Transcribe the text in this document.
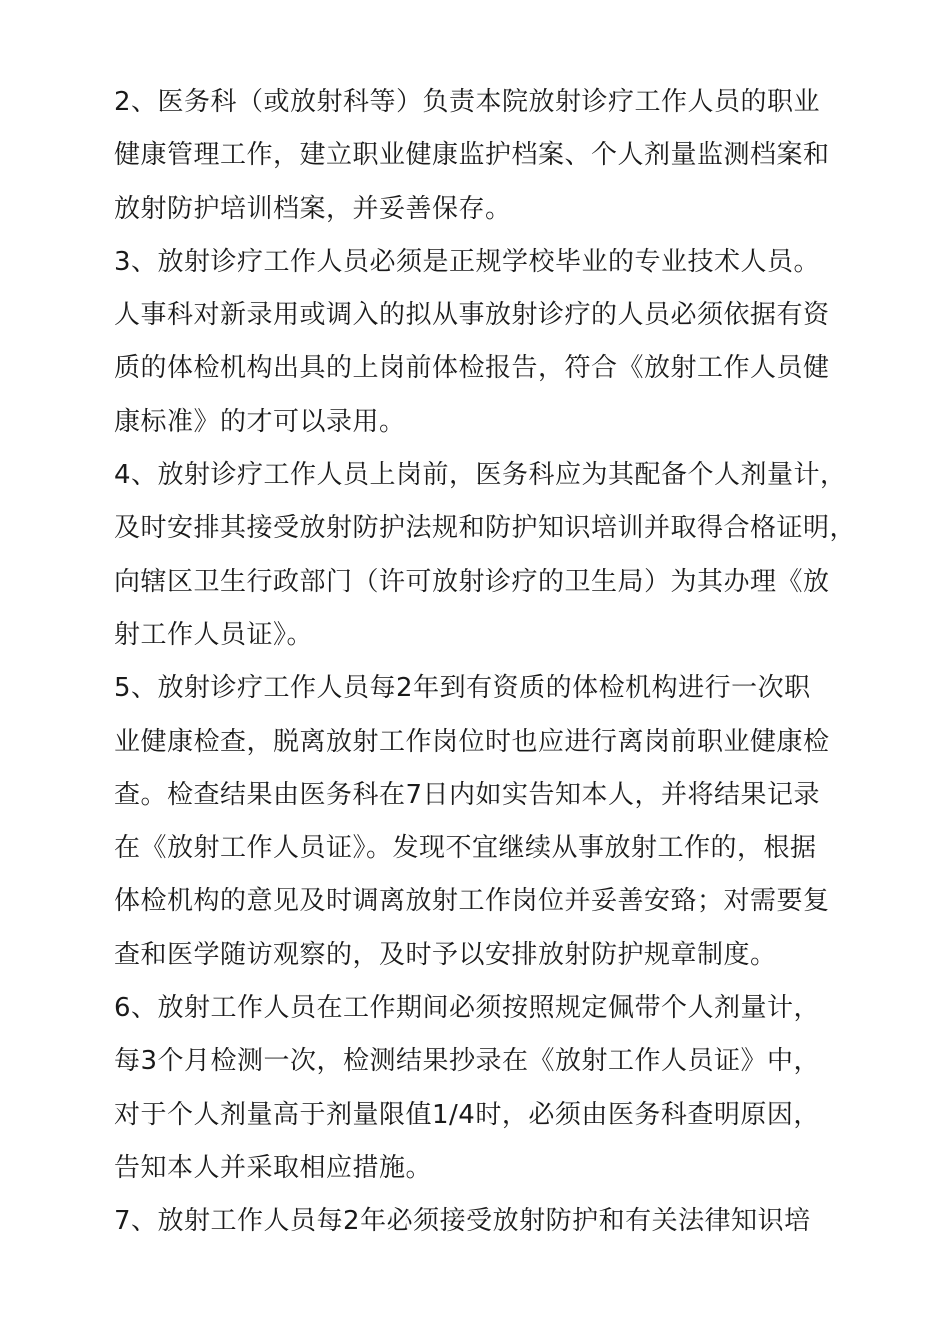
2、医务科（或放射科等）负责本院放射诊疗工作人员的职业
健康管理工作，建立职业健康监护档案、个人剂量监测档案和
放射防护培训档案，并妥善保存。
3、放射诊疗工作人员必须是正规学校毕业的专业技术人员。
人事科对新录用或调入的拟从事放射诊疗的人员必须依据有资
质的体检机构出具的上岗前体检报告，符合《放射工作人员健
康标准》的才可以录用。
4、放射诊疗工作人员上岗前，医务科应为其配备个人剂量计，
及时安排其接受放射防护法规和防护知识培训并取得合格证明，
向辖区卫生行政部门（许可放射诊疗的卫生局）为其办理《放
射工作人员证》。
5、放射诊疗工作人员每2年到有资质的体检机构进行一次职
业健康检查，脱离放射工作岗位时也应进行离岗前职业健康检
查。检查结果由医务科在7日内如实告知本人，并将结果记录
在《放射工作人员证》。发现不宜继续从事放射工作的，根据
体检机构的意见及时调离放射工作岗位并妥善安臵；对需要复
查和医学随访观察的，及时予以安排放射防护规章制度。
6、放射工作人员在工作期间必须按照规定佩带个人剂量计，
每3个月检测一次，检测结果抄录在《放射工作人员证》中，
对于个人剂量高于剂量限值1/4时，必须由医务科查明原因，
告知本人并采取相应措施。
7、放射工作人员每2年必须接受放射防护和有关法律知识培
